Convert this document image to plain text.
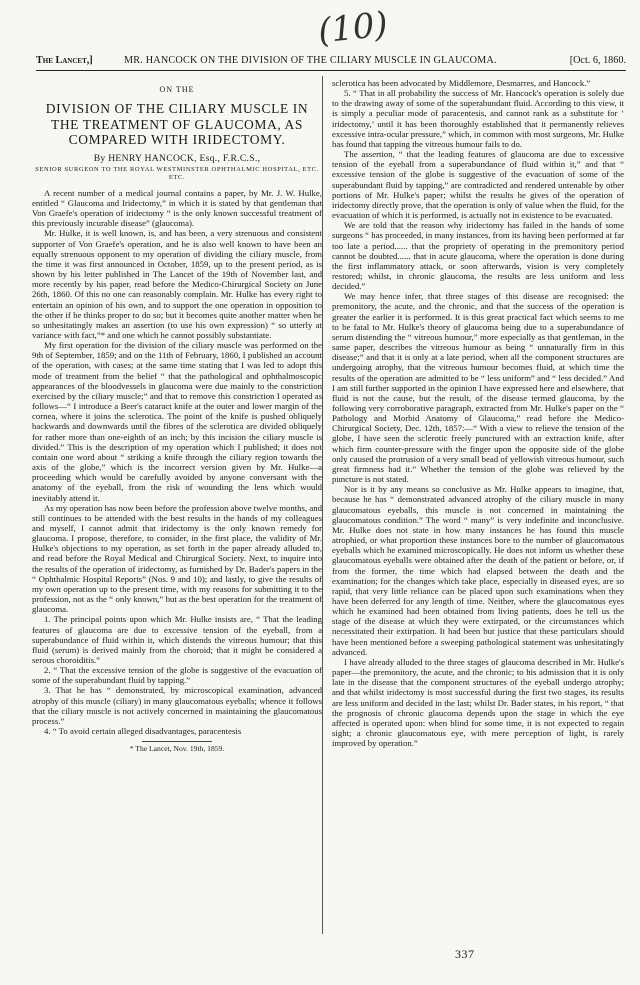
(10)
The Lancet,]	MR. HANCOCK ON THE DIVISION OF THE CILIARY MUSCLE IN GLAUCOMA.	[Oct. 6, 1860.
ON THE
DIVISION OF THE CILIARY MUSCLE IN THE TREATMENT OF GLAUCOMA, AS COMPARED WITH IRIDECTOMY.
By HENRY HANCOCK, Esq., F.R.C.S.,
SENIOR SURGEON TO THE ROYAL WESTMINSTER OPHTHALMIC HOSPITAL, ETC. ETC.

A recent number of a medical journal contains a paper, by Mr. J. W. Hulke, entitled “ Glaucoma and Iridectomy,” in which it is stated by that gentleman that Von Graefe's operation of iridectomy “ is the only known successful treatment of this previously incurable disease” (glaucoma).

Mr. Hulke, it is well known, is, and has been, a very strenuous and consistent supporter of Von Graefe's operation, and he is also well known to have been an equally strenuous opponent to my operation of dividing the ciliary muscle, from the time it was first announced in October, 1859, up to the present period, as is shown by his letter published in The Lancet of the 19th of November last, and more recently by his paper, read before the Medico-Chirurgical Society on June 26th, 1860. Of this no one can reasonably complain. Mr. Hulke has every right to entertain an opinion of his own, and to support the one operation in opposition to the other if he thinks proper to do so; but it becomes quite another matter when he so unhesitatingly makes an assertion (to use his own expression) “ so utterly at variance with fact,”* and one which he cannot possibly substantiate.

My first operation for the division of the ciliary muscle was performed on the 9th of September, 1859; and on the 11th of February, 1860, I published an account of the operation, with cases; at the same time stating that I was led to adopt this mode of treatment from the belief “ that the pathological and ophthalmoscopic appearances of the bloodvessels in glaucoma were due mainly to the constriction exercised by the ciliary muscle;” and that to remove this constriction I operated as follows—“ I introduce a Beer's cataract knife at the outer and lower margin of the cornea, where it joins the sclerotica. The point of the knife is pushed obliquely backwards and downwards until the fibres of the sclerotica are divided obliquely for rather more than one-eighth of an inch; by this incision the ciliary muscle is divided.” This is the description of my operation which I published; it does not contain one word about “ striking a knife through the ciliary region towards the axis of the globe,” which is the incorrect version given by Mr. Hulke—a proceeding which would be carefully avoided by anyone conversant with the anatomy of the eyeball, from the risk of wounding the lens which would inevitably attend it.

As my operation has now been before the profession above twelve months, and still continues to be attended with the best results in the hands of my colleagues and myself, I cannot admit that iridectomy is the only known remedy for glaucoma. I propose, therefore, to consider, in the first place, the validity of Mr. Hulke's objections to my operation, as set forth in the paper already alluded to, and read before the Royal Medical and Chirurgical Society. Next, to inquire into the results of the operation of iridectomy, as furnished by Dr. Bader's papers in the “ Ophthalmic Hospital Reports” (Nos. 9 and 10); and lastly, to give the results of my own operation up to the present time, with my reasons for submitting it to the profession, not as the “ only known,” but as the best operation for the treatment of glaucoma.

1. The principal points upon which Mr. Hulke insists are, “ That the leading features of glaucoma are due to excessive tension of the eyeball, from a superabundance of fluid within it, which distends the vitreous humour; that this fluid (serum) is derived mainly from the choroid; that it might be considered a serous choroiditis.”

2. “ That the excessive tension of the globe is suggestive of the evacuation of some of the superabundant fluid by tapping.”

3. That he has “ demonstrated, by microscopical examination, advanced atrophy of this muscle (ciliary) in many glaucomatous eyeballs; whence it follows that the ciliary muscle is not actively concerned in maintaining the glaucomatous process.”

4. “ To avoid certain alleged disadvantages, paracentesis

* The Lancet, Nov. 19th, 1859.

sclerotica has been advocated by Middlemore, Desmarres, and Hancock.”

5. “ That in all probability the success of Mr. Hancock's operation is solely due to the drawing away of some of the superabundant fluid. According to this view, it is simply a peculiar mode of paracentesis, and cannot rank as a substitute for ‘ iridectomy,’ until it has been thoroughly established that it permanently relieves excessive intra-ocular pressure,” which, in common with most surgeons, Mr. Hulke has found that tapping the vitreous humour fails to do.

The assertion, “ that the leading features of glaucoma are due to excessive tension of the eyeball from a superabundance of fluid within it,” and that “ excessive tension of the globe is suggestive of the evacuation of some of the superabundant fluid by tapping,” are contradicted and rendered untenable by other portions of Mr. Hulke's paper; whilst the results he gives of the operation of iridectomy directly prove, that the operation is only of value when the fluid, for the evacuation of which it is performed, is actually not in existence to be evacuated.

We are told that the reason why iridectomy has failed in the hands of some surgeons “ has proceeded, in many instances, from its having been performed at far too late a period...... that the propriety of operating in the premonitory period cannot be doubted...... that in acute glaucoma, where the operation is done during the first inflammatory attack, or soon afterwards, vision is very completely restored; whilst, in chronic glaucoma, the results are less uniform and less decided.”

We may hence infer, that three stages of this disease are recognised: the premonitory, the acute, and the chronic, and that the success of the operation is greater the earlier it is performed. It is this great practical fact which seems to me to be fatal to Mr. Hulke's theory of glaucoma being due to a superabundance of serum distending the “ vitreous humour,” more especially as that gentleman, in the same paper, describes the vitreous humour as being “ unnaturally firm in this disease;” and that it is only at a late period, when all the component structures are undergoing atrophy, that the vitreous humour becomes fluid, at which time the results of the operation are admitted to be “ less uniform” and “ less decided.” And I am still further supported in the opinion I have expressed here and elsewhere, that fluid is not the cause, but the result, of the disease termed glaucoma, by the following very corroborative paragraph, extracted from Mr. Hulke's paper on the “ Pathology and Morbid Anatomy of Glaucoma,” read before the Medico-Chirurgical Society, Dec. 12th, 1857:—“ With a view to relieve the tension of the globe, I have seen the sclerotic freely punctured with an extraction knife, after which firm counter-pressure with the finger upon the opposite side of the globe only caused the protrusion of a very small bead of yellowish vitreous humour, such great firmness had it.” Whether the tension of the globe was relieved by the puncture is not stated.

Nor is it by any means so conclusive as Mr. Hulke appears to imagine, that, because he has “ demonstrated advanced atrophy of the ciliary muscle in many glaucomatous eyeballs, this muscle is not concerned in maintaining the glaucomatous condition.” The word “ many” is very indefinite and inconclusive. Mr. Hulke does not state in how many instances he has found this muscle atrophied, or what proportion these instances bore to the number of glaucomatous eyeballs which he examined microscopically. He does not inform us whether these glaucomatous eyeballs were obtained after the death of the patient or before, or, if from the former, the time which had elapsed between the death and the examination; for the changes which take place, especially in diseased eyes, are so rapid, that very little reliance can be placed upon such examinations when they have been deferred for any length of time. Neither, where the glaucomatous eyes which he examined had been obtained from living patients, does he tell us the stage of the disease at which they were extirpated, or the circumstances which necessitated their extirpation. It had been but justice that these particulars should have been mentioned before a sweeping pathological statement was unhesitatingly advanced.

I have already alluded to the three stages of glaucoma described in Mr. Hulke's paper—the premonitory, the acute, and the chronic; to his admission that it is only late in the disease that the component structures of the eyeball undergo atrophy; and that whilst iridectomy is most successful during the first two stages, its results are less uniform and decided in the last; whilst Dr. Bader states, in his report, “ that the prognosis of chronic glaucoma depends upon the stage in which the eye affected is operated upon: when blind for some time, it is not expected to regain sight; a chronic glaucomatous eye, with mere perception of light, is rarely improved by operation.”

337
